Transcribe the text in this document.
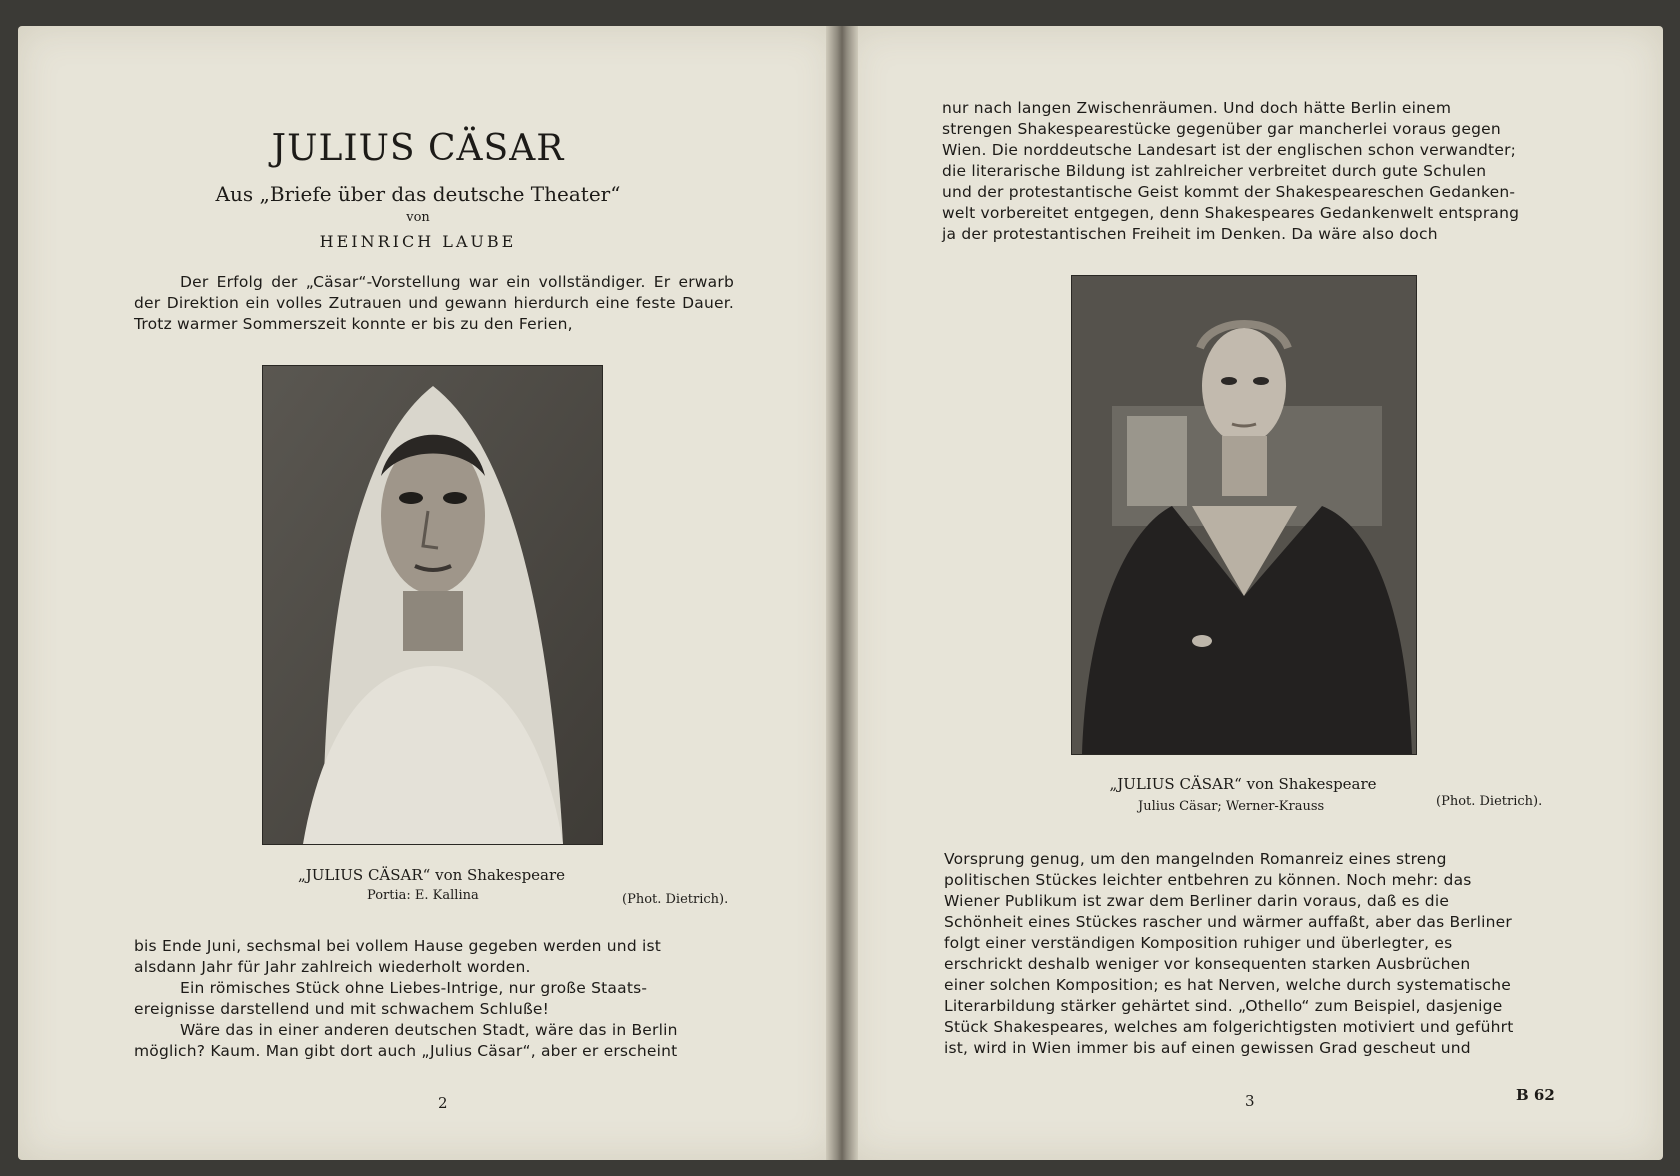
JULIUS CÄSAR
Aus „Briefe über das deutsche Theater“
von
HEINRICH LAUBE
Der Erfolg der „Cäsar“-Vorstellung war ein vollständiger. Er erwarb der Direktion ein volles Zutrauen und gewann hierdurch eine feste Dauer. Trotz warmer Sommerszeit konnte er bis zu den Ferien,
„JULIUS CÄSAR“ von Shakespeare
Portia: E. Kallina	(Phot. Dietrich).
bis Ende Juni, sechsmal bei vollem Hause gegeben werden und ist
alsdann Jahr für Jahr zahlreich wiederholt worden.
Ein römisches Stück ohne Liebes-Intrige, nur große Staats-
ereignisse darstellend und mit schwachem Schluße!
Wäre das in einer anderen deutschen Stadt, wäre das in Berlin
möglich? Kaum. Man gibt dort auch „Julius Cäsar“, aber er erscheint
2
nur nach langen Zwischenräumen. Und doch hätte Berlin einem
strengen Shakespearestücke gegenüber gar mancherlei voraus gegen
Wien. Die norddeutsche Landesart ist der englischen schon verwandter;
die literarische Bildung ist zahlreicher verbreitet durch gute Schulen
und der protestantische Geist kommt der Shakespeareschen Gedanken-
welt vorbereitet entgegen, denn Shakespeares Gedankenwelt entsprang
ja der protestantischen Freiheit im Denken. Da wäre also doch
„JULIUS CÄSAR“ von Shakespeare
Julius Cäsar; Werner-Krauss	(Phot. Dietrich).
Vorsprung genug, um den mangelnden Romanreiz eines streng
politischen Stückes leichter entbehren zu können. Noch mehr: das
Wiener Publikum ist zwar dem Berliner darin voraus, daß es die
Schönheit eines Stückes rascher und wärmer auffaßt, aber das Berliner
folgt einer verständigen Komposition ruhiger und überlegter, es
erschrickt deshalb weniger vor konsequenten starken Ausbrüchen
einer solchen Komposition; es hat Nerven, welche durch systematische
Literarbildung stärker gehärtet sind. „Othello“ zum Beispiel, dasjenige
Stück Shakespeares, welches am folgerichtigsten motiviert und geführt
ist, wird in Wien immer bis auf einen gewissen Grad gescheut und
3	B 62
